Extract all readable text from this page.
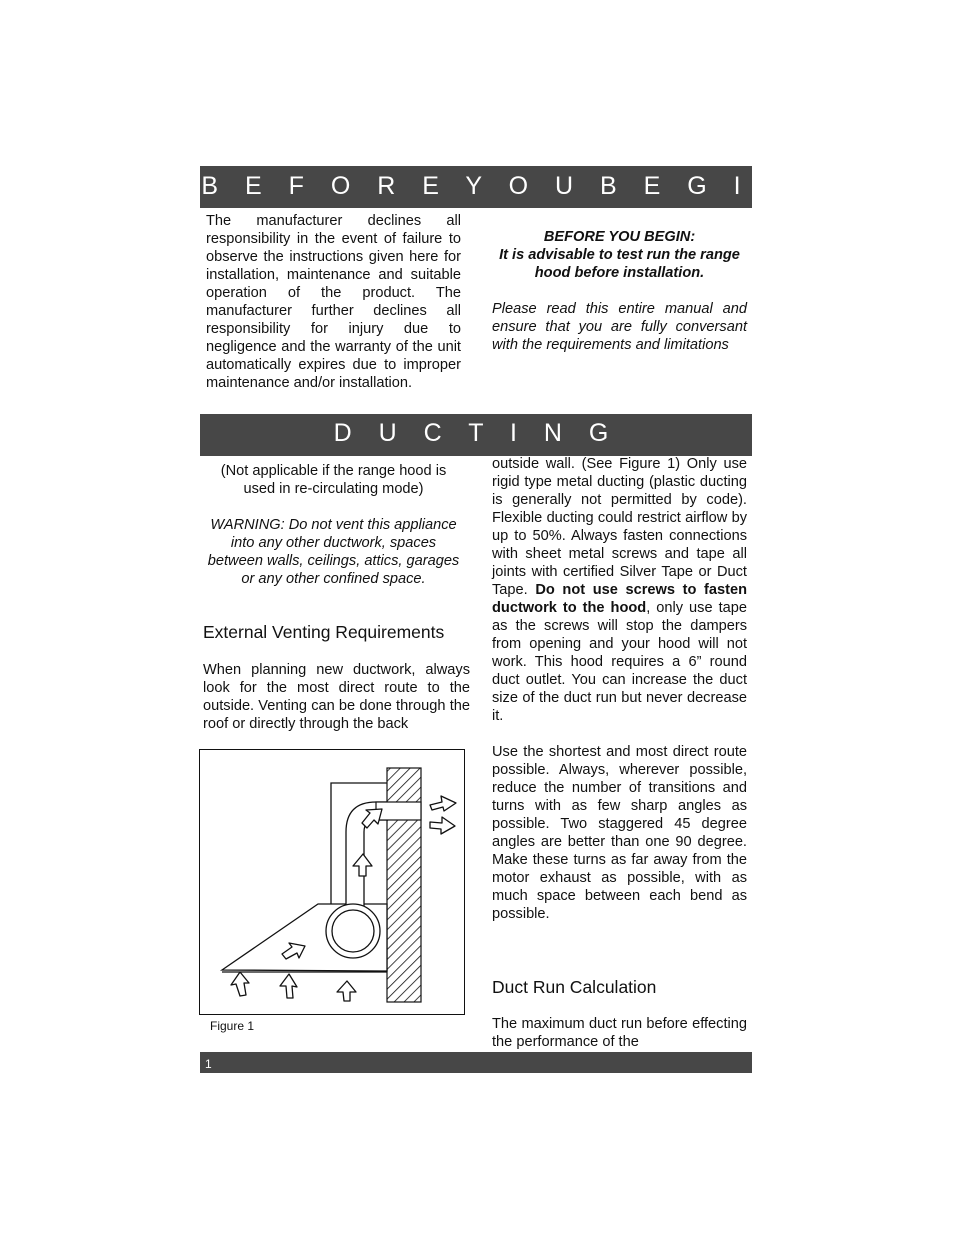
B E F O R E Y O U B E G I N

The manufacturer declines all responsibility in the event of failure to observe the instructions given here for installation, maintenance and suitable operation of the product. The manufacturer further declines all responsibility for injury due to negligence and the warranty of the unit automatically expires due to improper maintenance and/or installation.

BEFORE YOU BEGIN:

It is advisable to test run the range hood before installation.

Please read this entire manual and ensure that you are fully conversant with the requirements and limitations

D U C T I N G

(Not applicable if the range hood is used in re-circulating mode)

WARNING: Do not vent this appliance into any other ductwork, spaces between walls, ceilings, attics, garages or any other confined space.

External Venting Requirements

When planning new ductwork, always look for the most direct route to the outside. Venting can be done through the roof or directly through the back

Figure 1

outside wall. (See Figure 1) Only use rigid type metal ducting (plastic ducting is generally not permitted by code). Flexible ducting could restrict airflow by up to 50%. Always fasten connections with sheet metal screws and tape all joints with certified Silver Tape or Duct Tape. Do not use screws to fasten ductwork to the hood, only use tape as the screws will stop the dampers from opening and your hood will not work. This hood requires a 6” round duct outlet. You can increase the duct size of the duct run but never decrease it.

Use the shortest and most direct route possible. Always, wherever possible, reduce the number of transitions and turns with as few sharp angles as possible. Two staggered 45 degree angles are better than one 90 degree. Make these turns as far away from the motor exhaust as possible, with as much space between each bend as possible.

Duct Run Calculation

The maximum duct run before effecting the performance of the

1
